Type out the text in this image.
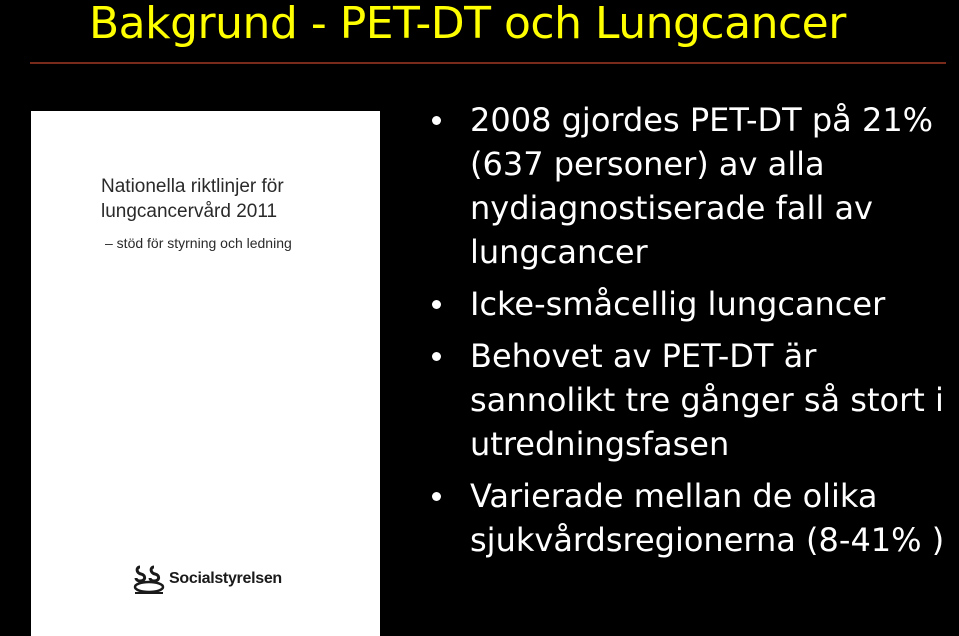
Bakgrund - PET-DT och Lungcancer
Nationella riktlinjer för
lungcancervård 2011
– stöd för styrning och ledning
Socialstyrelsen
2008 gjordes PET-DT på 21%
(637 personer) av alla
nydiagnostiserade fall av
lungcancer
Icke-småcellig lungcancer
Behovet av PET-DT är
sannolikt tre gånger så stort i
utredningsfasen
Varierade mellan de olika
sjukvårdsregionerna (8-41% )
